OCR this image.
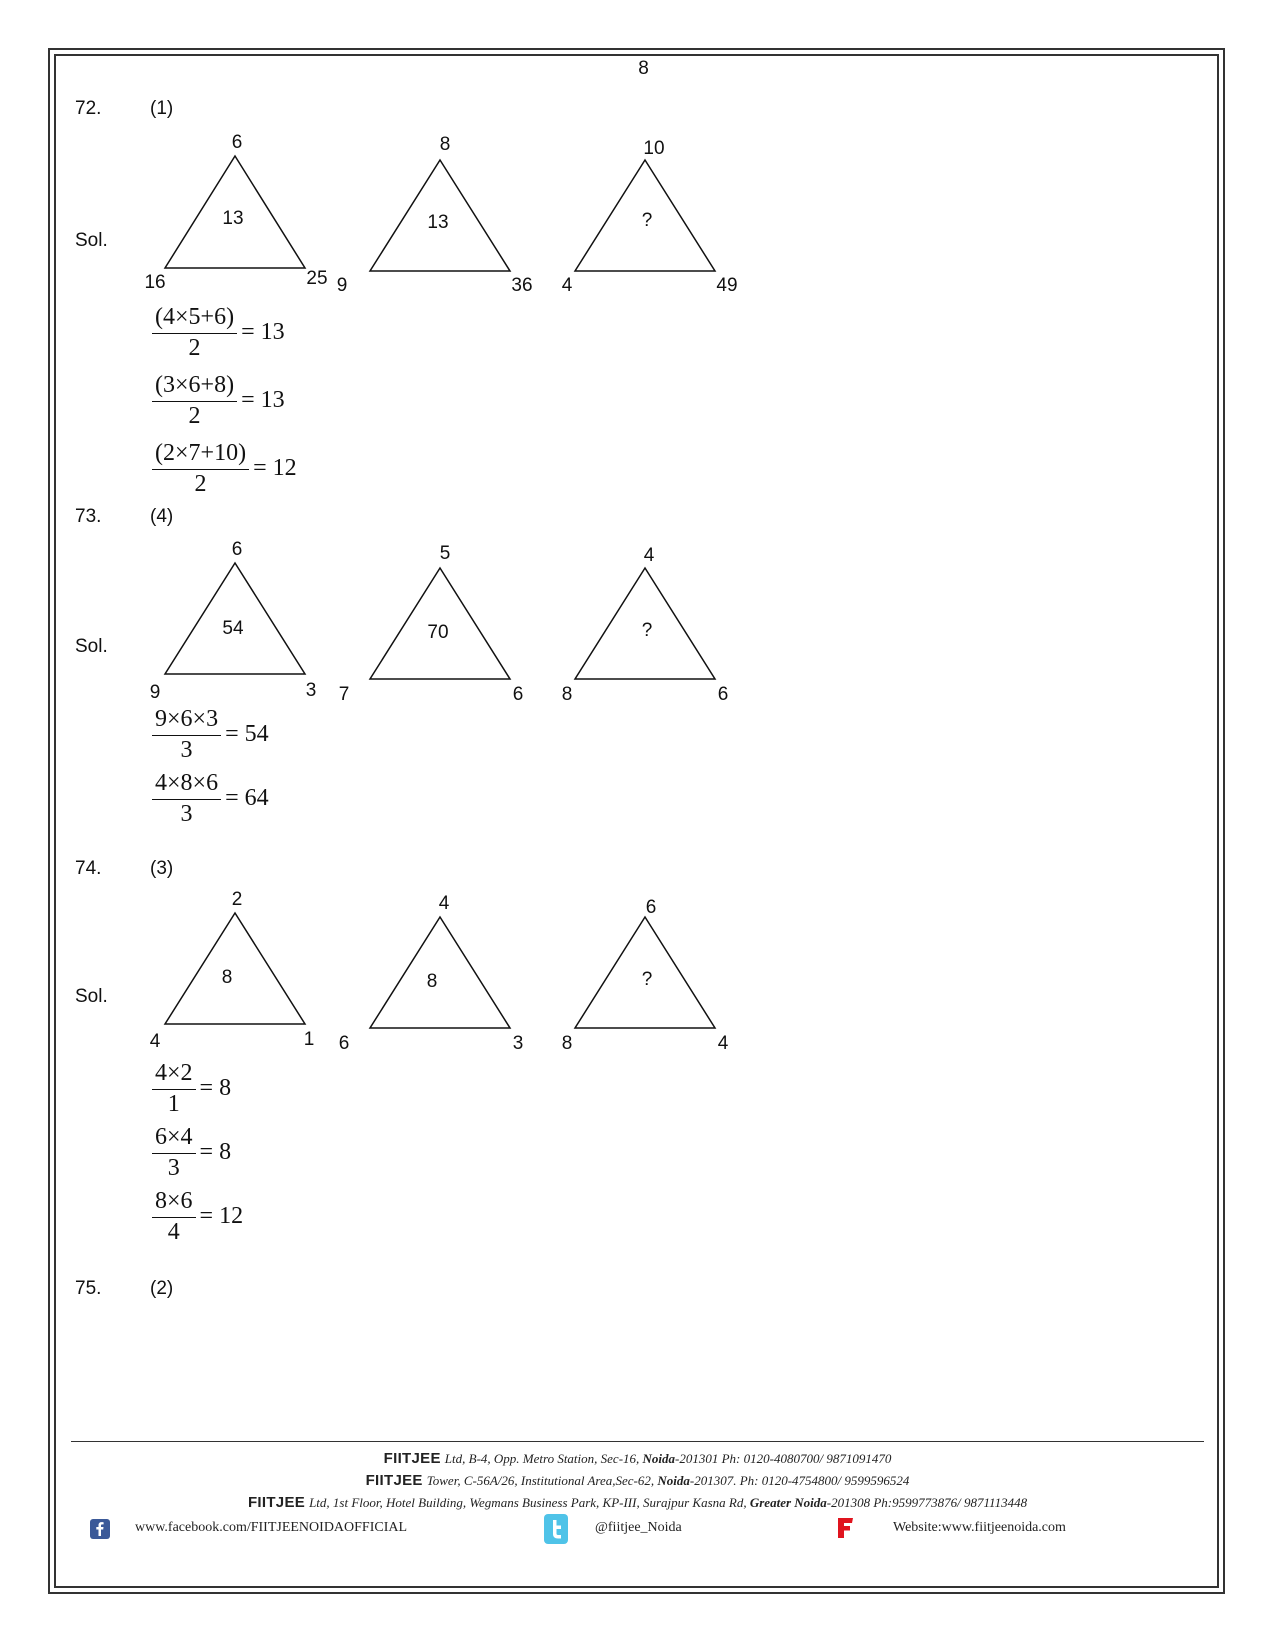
8
72.	(1)
Sol.
6
16	25
13
8
9	36
13
10
4	49
?
$\frac{(4\times 5+6)}{2} = 13$
$\frac{(3\times 6+8)}{2} = 13$
$\frac{(2\times 7+10)}{2} = 12$
73.	(4)
Sol.
6
9	3
54
5
7	6
70
4
8	6
?
$\frac{9\times 6\times 3}{3} = 54$
$\frac{4\times 8\times 6}{3} = 64$
74.	(3)
Sol.
2
4	1
8
4
6	3
8
6
8	4
?
$\frac{4\times 2}{1} = 8$
$\frac{6\times 4}{3} = 8$
$\frac{8\times 6}{4} = 12$
75.	(2)
FIITJEE Ltd, B-4, Opp. Metro Station, Sec-16, Noida-201301 Ph: 0120-4080700/ 9871091470
FIITJEE Tower, C-56A/26, Institutional Area,Sec-62, Noida-201307. Ph: 0120-4754800/ 9599596524
FIITJEE Ltd, 1st Floor, Hotel Building, Wegmans Business Park, KP-III, Surajpur Kasna Rd, Greater Noida-201308 Ph:9599773876/ 9871113448
www.facebook.com/FIITJEENOIDAOFFICIAL	@fiitjee_Noida	Website:www.fiitjeenoida.com
